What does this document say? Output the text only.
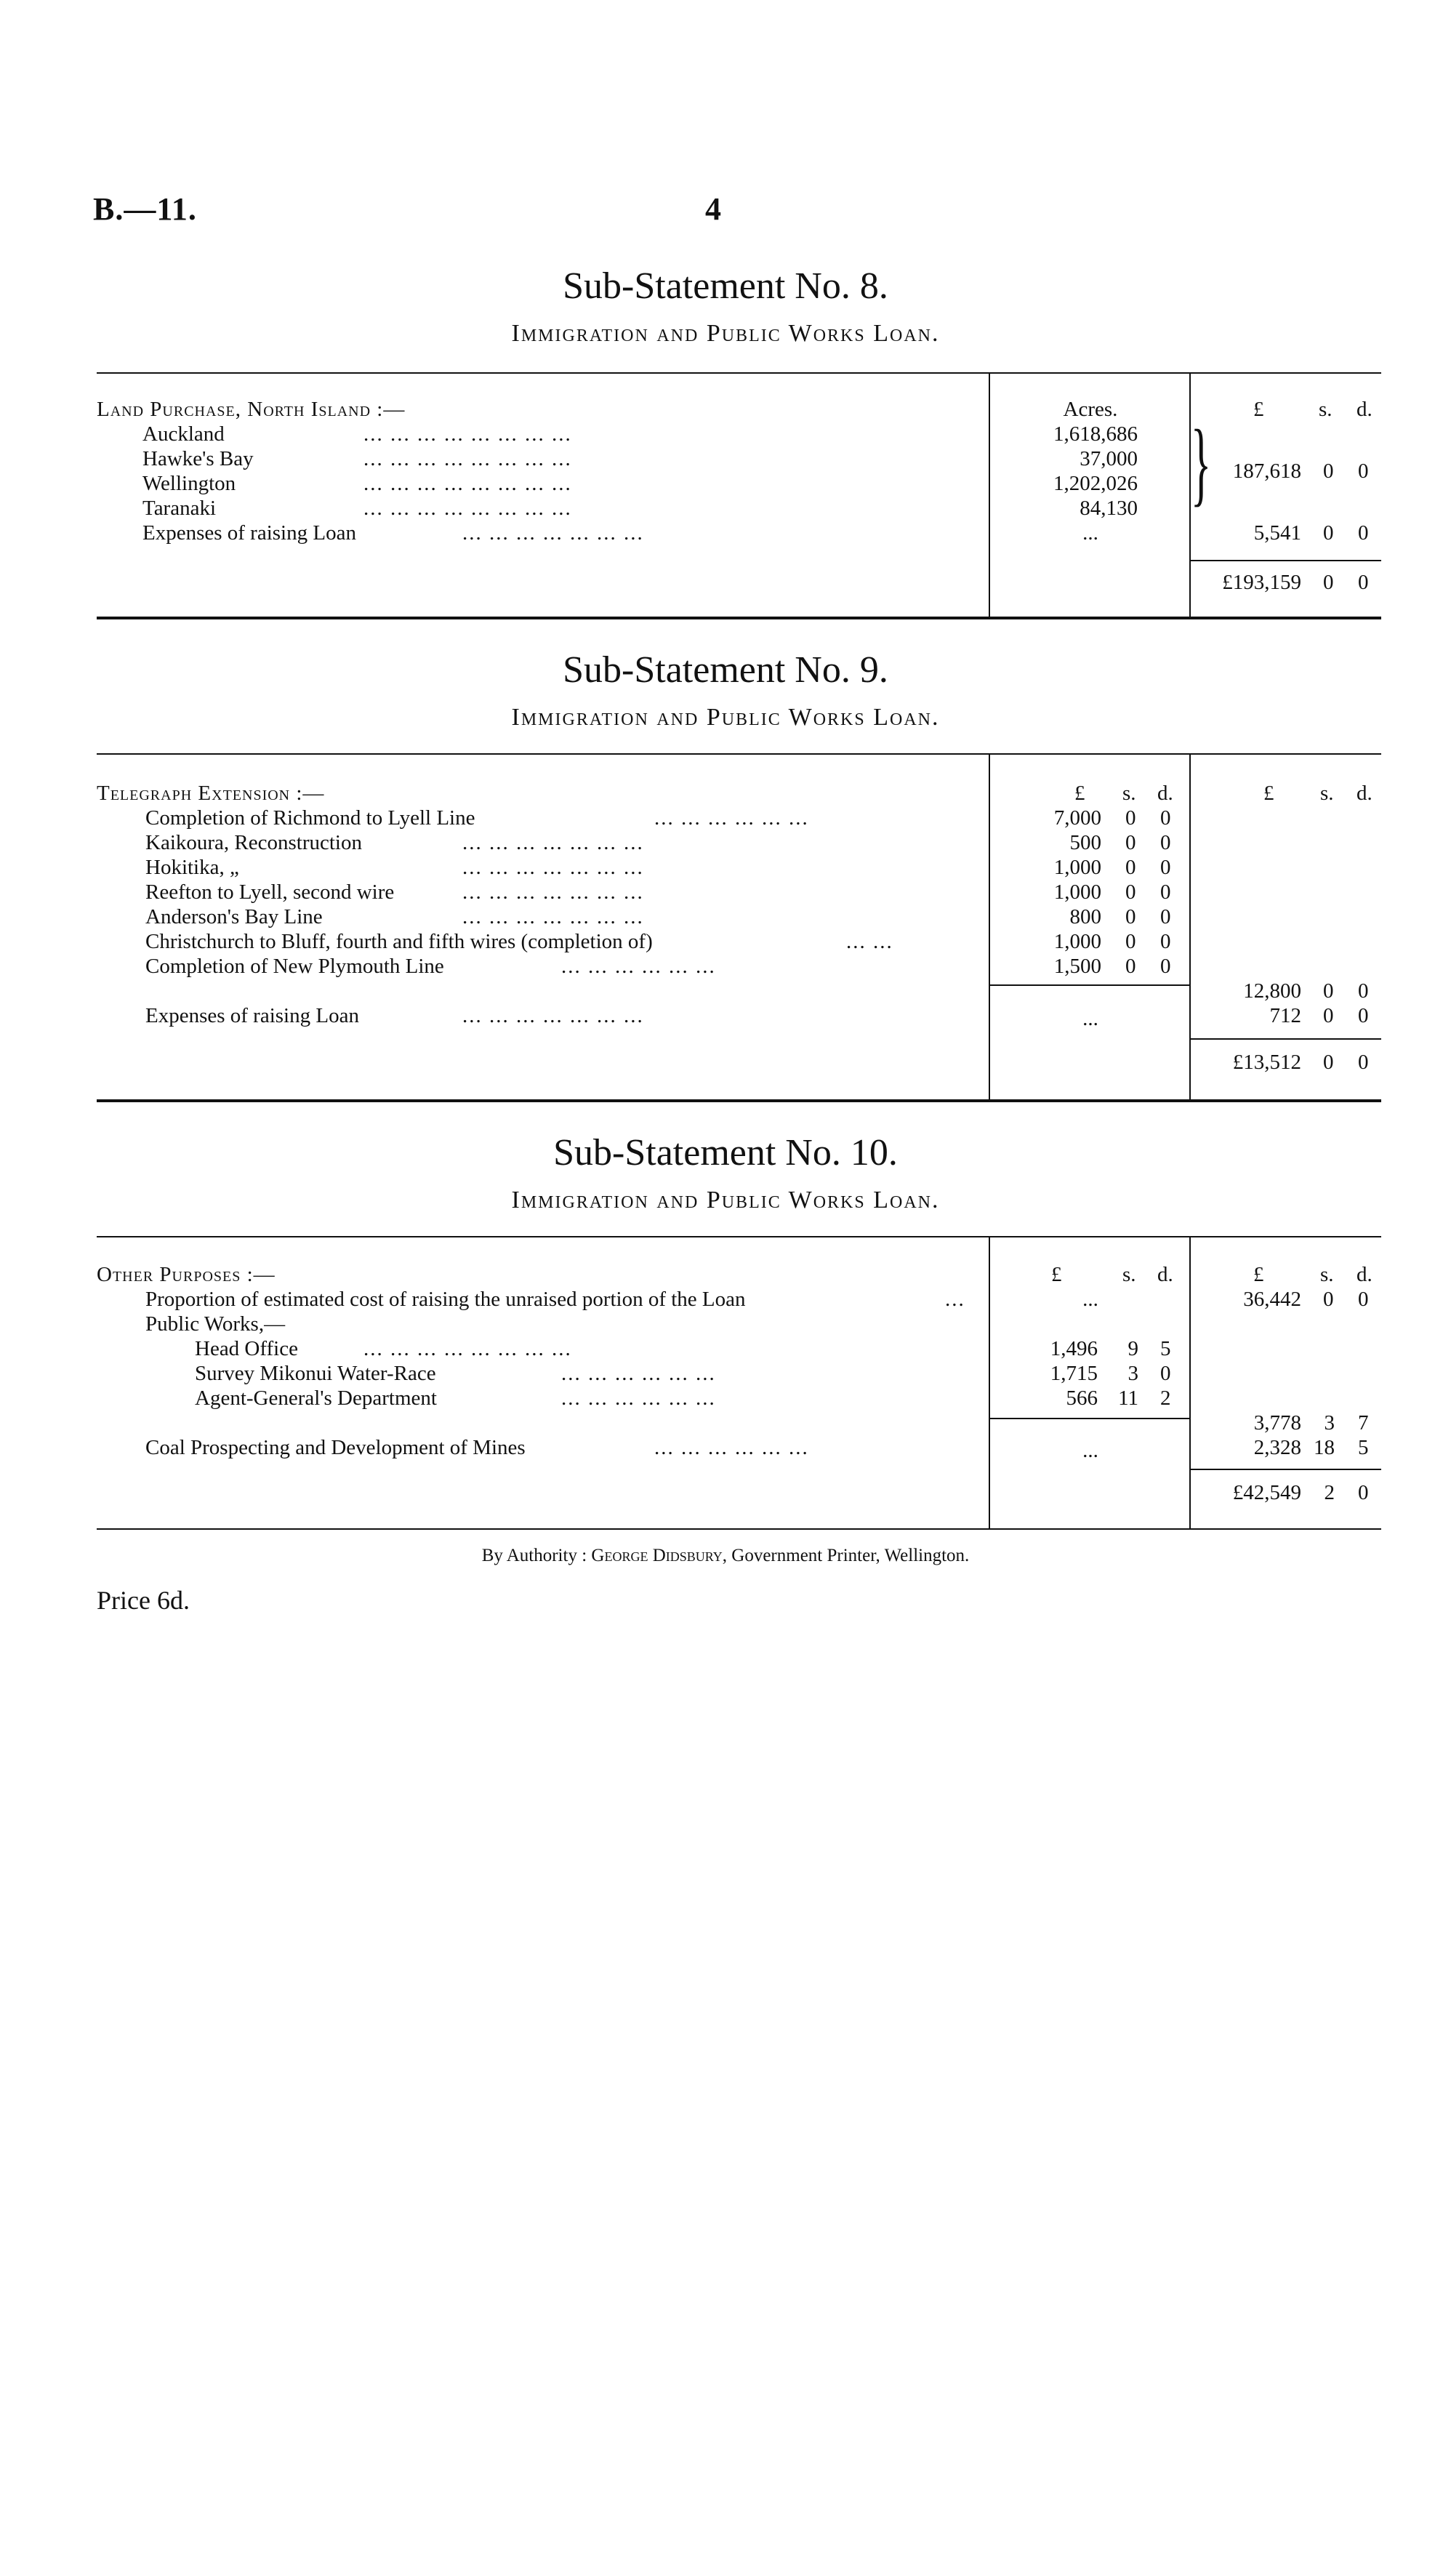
B.—11.	4
Sub-Statement No. 8.
Immigration and Public Works Loan.
Land Purchase, North Island :—	Acres.	£	s. d.
Auckland	... ... ... ... ... ... ... ...	1,618,686
Hawke's Bay	... ... ... ... ... ... ... ...	37,000
Wellington	... ... ... ... ... ... ... ...	1,202,026
Taranaki	... ... ... ... ... ... ... ...	84,130
Expenses of raising Loan	... ... ... ... ... ... ...	...
}	187,618 0 0
5,541 0 0
£193,159 0 0
Sub-Statement No. 9.
Immigration and Public Works Loan.
Telegraph Extension :—	£ s. d.	£ s. d.
Completion of Richmond to Lyell Line	... ... ... ... ... ...	7,000 0 0
Kaikoura, Reconstruction	... ... ... ... ... ... ...	500 0 0
Hokitika, „	... ... ... ... ... ... ...	1,000 0 0
Reefton to Lyell, second wire	... ... ... ... ... ... ...	1,000 0 0
Anderson's Bay Line	... ... ... ... ... ... ...	800 0 0
Christchurch to Bluff, fourth and fifth wires (completion of)	... ...	1,000 0 0
Completion of New Plymouth Line	... ... ... ... ... ...	1,500 0 0
12,800 0 0
Expenses of raising Loan	... ... ... ... ... ... ...	...	712 0 0
£13,512 0 0
Sub-Statement No. 10.
Immigration and Public Works Loan.
Other Purposes :—	£	s. d.	£	s. d.
Proportion of estimated cost of raising the unraised portion of the Loan	...	...	36,442 0 0
Public Works,—
Head Office	... ... ... ... ... ... ... ...	1,496	9 5
Survey Mikonui Water-Race	... ... ... ... ... ...	1,715	3 0
Agent-General's Department	... ... ... ... ... ...	566 11 2
3,778	3 7
Coal Prospecting and Development of Mines	... ... ... ... ... ...	...	2,328 18 5
£42,549	2 0
By Authority : George Didsbury, Government Printer, Wellington.
Price 6d.
